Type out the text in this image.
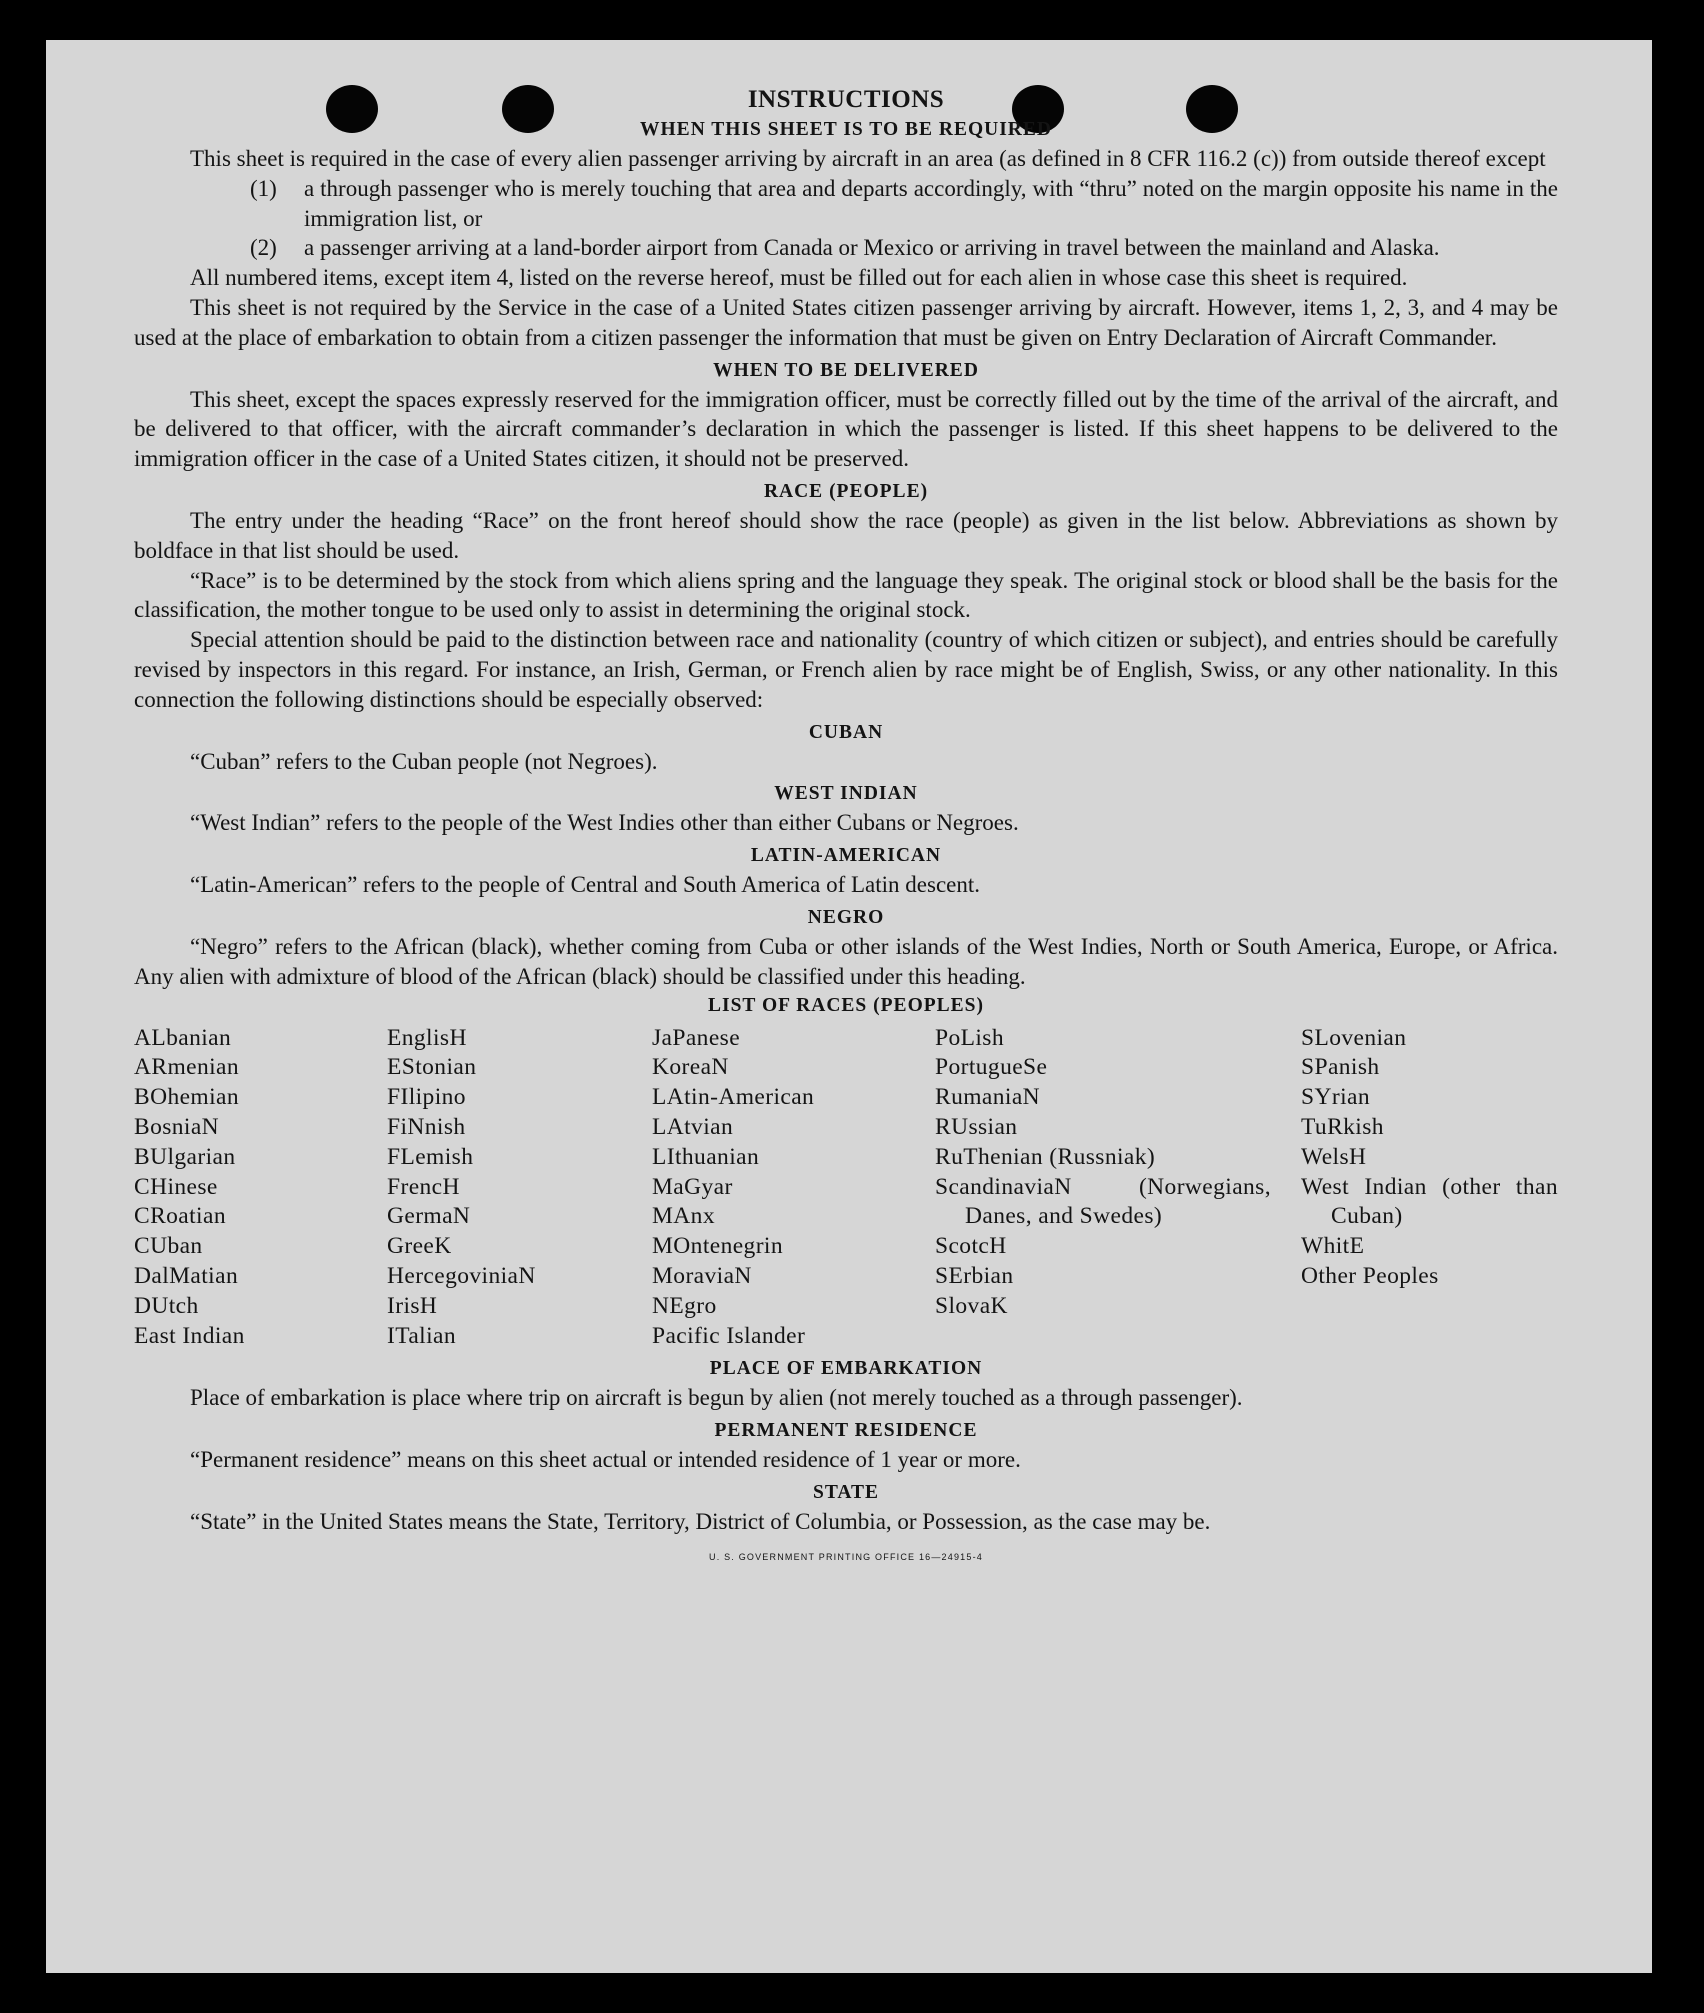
INSTRUCTIONS
WHEN THIS SHEET IS TO BE REQUIRED

This sheet is required in the case of every alien passenger arriving by aircraft in an area (as defined in 8 CFR 116.2 (c)) from outside thereof except

(1) a through passenger who is merely touching that area and departs accordingly, with “thru” noted on the margin opposite his name in the immigration list, or

(2) a passenger arriving at a land-border airport from Canada or Mexico or arriving in travel between the mainland and Alaska.

All numbered items, except item 4, listed on the reverse hereof, must be filled out for each alien in whose case this sheet is required.

This sheet is not required by the Service in the case of a United States citizen passenger arriving by aircraft. However, items 1, 2, 3, and 4 may be used at the place of embarkation to obtain from a citizen passenger the information that must be given on Entry Declaration of Aircraft Commander.

WHEN TO BE DELIVERED

This sheet, except the spaces expressly reserved for the immigration officer, must be correctly filled out by the time of the arrival of the aircraft, and be delivered to that officer, with the aircraft commander’s declaration in which the passenger is listed. If this sheet happens to be delivered to the immigration officer in the case of a United States citizen, it should not be preserved.

RACE (PEOPLE)

The entry under the heading “Race” on the front hereof should show the race (people) as given in the list below. Abbreviations as shown by boldface in that list should be used.

“Race” is to be determined by the stock from which aliens spring and the language they speak. The original stock or blood shall be the basis for the classification, the mother tongue to be used only to assist in determining the original stock.

Special attention should be paid to the distinction between race and nationality (country of which citizen or subject), and entries should be carefully revised by inspectors in this regard. For instance, an Irish, German, or French alien by race might be of English, Swiss, or any other nationality. In this connection the following distinctions should be especially observed:

CUBAN

“Cuban” refers to the Cuban people (not Negroes).

WEST INDIAN

“West Indian” refers to the people of the West Indies other than either Cubans or Negroes.

LATIN-AMERICAN

“Latin-American” refers to the people of Central and South America of Latin descent.

NEGRO

“Negro” refers to the African (black), whether coming from Cuba or other islands of the West Indies, North or South America, Europe, or Africa. Any alien with admixture of blood of the African (black) should be classified under this heading.

LIST OF RACES (PEOPLES)
ALbanian
ARmenian
BOhemian
BosniaN
BUlgarian
CHinese
CRoatian
CUban
DalMatian
DUtch
East Indian
EnglisH
EStonian
FIlipino
FiNnish
FLemish
FrencH
GermaN
GreeK
HercegoviniaN
IrisH
ITalian
JaPanese
KoreaN
LAtin-American
LAtvian
LIthuanian
MaGyar
MAnx
MOntenegrin
MoraviaN
NEgro
Pacific Islander
PoLish
PortugueSe
RumaniaN
RUssian
RuThenian (Russniak)
ScandinaviaN (Norwegians, Danes, and Swedes)
ScotcH
SErbian
SlovaK
SLovenian
SPanish
SYrian
TuRkish
WelsH
West Indian (other than Cuban)
WhitE
Other Peoples
PLACE OF EMBARKATION

Place of embarkation is place where trip on aircraft is begun by alien (not merely touched as a through passenger).

PERMANENT RESIDENCE

“Permanent residence” means on this sheet actual or intended residence of 1 year or more.

STATE

“State” in the United States means the State, Territory, District of Columbia, or Possession, as the case may be.

U. S. GOVERNMENT PRINTING OFFICE 16—24915-4
